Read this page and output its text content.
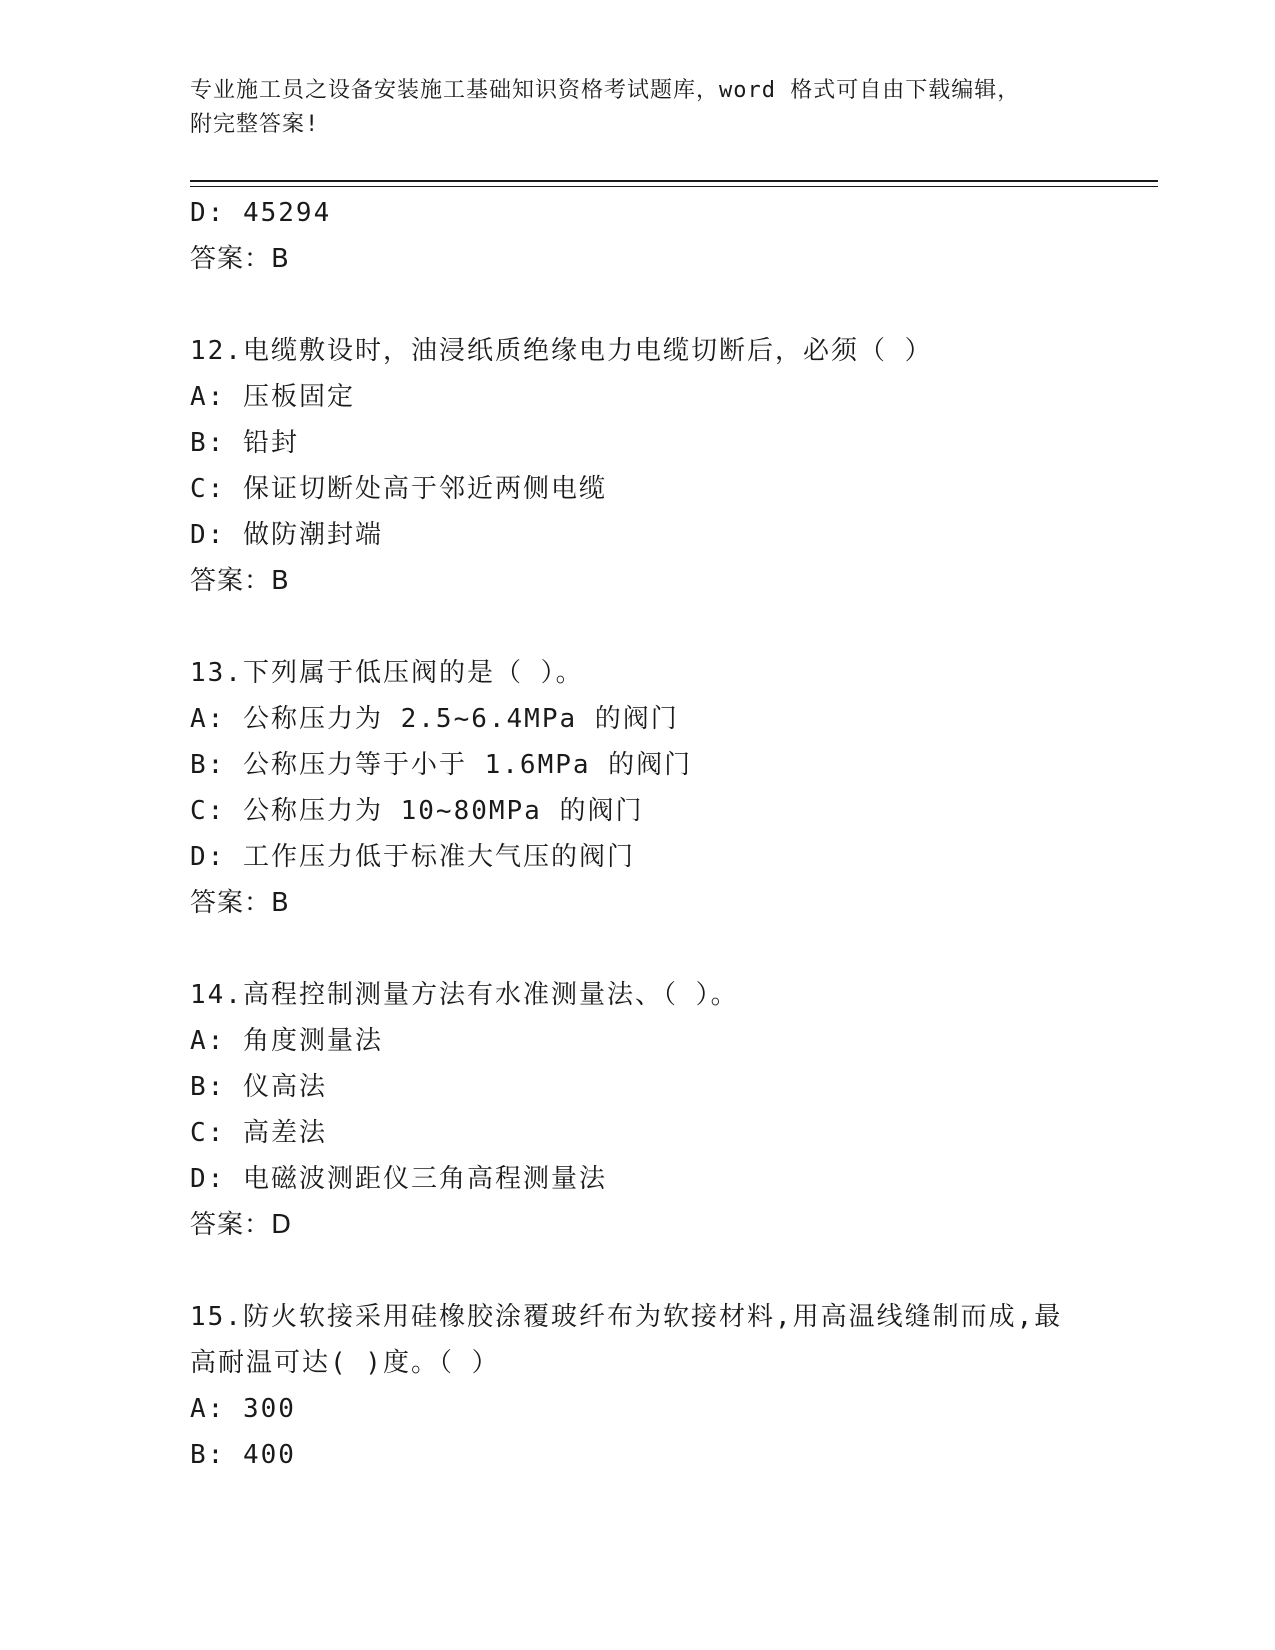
专业施工员之设备安装施工基础知识资格考试题库，word 格式可自由下载编辑，
附完整答案!
D: 45294
答案：B
12.电缆敷设时，油浸纸质绝缘电力电缆切断后，必须（ ）
A: 压板固定
B: 铅封
C: 保证切断处高于邻近两侧电缆
D: 做防潮封端
答案：B
13.下列属于低压阀的是（ ）。
A: 公称压力为 2.5~6.4MPa 的阀门
B: 公称压力等于小于 1.6MPa 的阀门
C: 公称压力为 10~80MPa 的阀门
D: 工作压力低于标准大气压的阀门
答案：B
14.高程控制测量方法有水准测量法、（ ）。
A: 角度测量法
B: 仪高法
C: 高差法
D: 电磁波测距仪三角高程测量法
答案：D
15.防火软接采用硅橡胶涂覆玻纤布为软接材料,用高温线缝制而成,最
高耐温可达( )度。（ ）
A: 300
B: 400
